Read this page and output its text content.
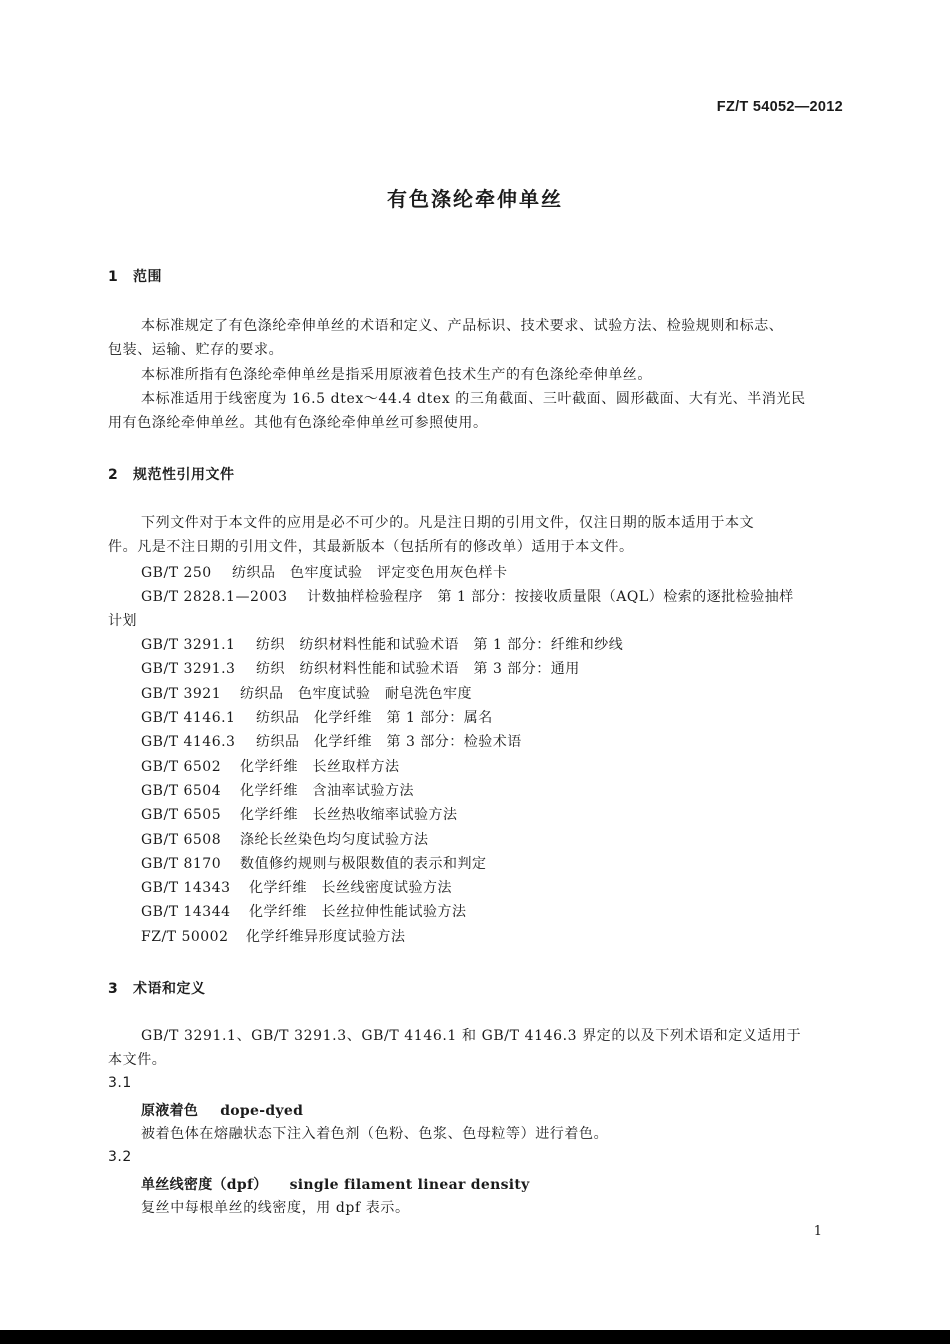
FZ/T 54052—2012
有色涤纶牵伸单丝
1 范围
本标准规定了有色涤纶牵伸单丝的术语和定义、产品标识、技术要求、试验方法、检验规则和标志、
包装、运输、贮存的要求。
本标准所指有色涤纶牵伸单丝是指采用原液着色技术生产的有色涤纶牵伸单丝。
本标准适用于线密度为 16.5 dtex～44.4 dtex 的三角截面、三叶截面、圆形截面、大有光、半消光民
用有色涤纶牵伸单丝。其他有色涤纶牵伸单丝可参照使用。
2 规范性引用文件
下列文件对于本文件的应用是必不可少的。凡是注日期的引用文件，仅注日期的版本适用于本文
件。凡是不注日期的引用文件，其最新版本（包括所有的修改单）适用于本文件。
GB/T 250 纺织品　色牢度试验　评定变色用灰色样卡
GB/T 2828.1—2003 计数抽样检验程序　第 1 部分：按接收质量限（AQL）检索的逐批检验抽样
计划
GB/T 3291.1 纺织　纺织材料性能和试验术语　第 1 部分：纤维和纱线
GB/T 3291.3 纺织　纺织材料性能和试验术语　第 3 部分：通用
GB/T 3921 纺织品　色牢度试验　耐皂洗色牢度
GB/T 4146.1 纺织品　化学纤维　第 1 部分：属名
GB/T 4146.3 纺织品　化学纤维　第 3 部分：检验术语
GB/T 6502 化学纤维　长丝取样方法
GB/T 6504 化学纤维　含油率试验方法
GB/T 6505 化学纤维　长丝热收缩率试验方法
GB/T 6508 涤纶长丝染色均匀度试验方法
GB/T 8170 数值修约规则与极限数值的表示和判定
GB/T 14343 化学纤维　长丝线密度试验方法
GB/T 14344 化学纤维　长丝拉伸性能试验方法
FZ/T 50002 化学纤维异形度试验方法
3 术语和定义
GB/T 3291.1、GB/T 3291.3、GB/T 4146.1 和 GB/T 4146.3 界定的以及下列术语和定义适用于
本文件。
3.1
原液着色 dope-dyed
被着色体在熔融状态下注入着色剂（色粉、色浆、色母粒等）进行着色。
3.2
单丝线密度（dpf） single filament linear density
复丝中每根单丝的线密度，用 dpf 表示。
1
